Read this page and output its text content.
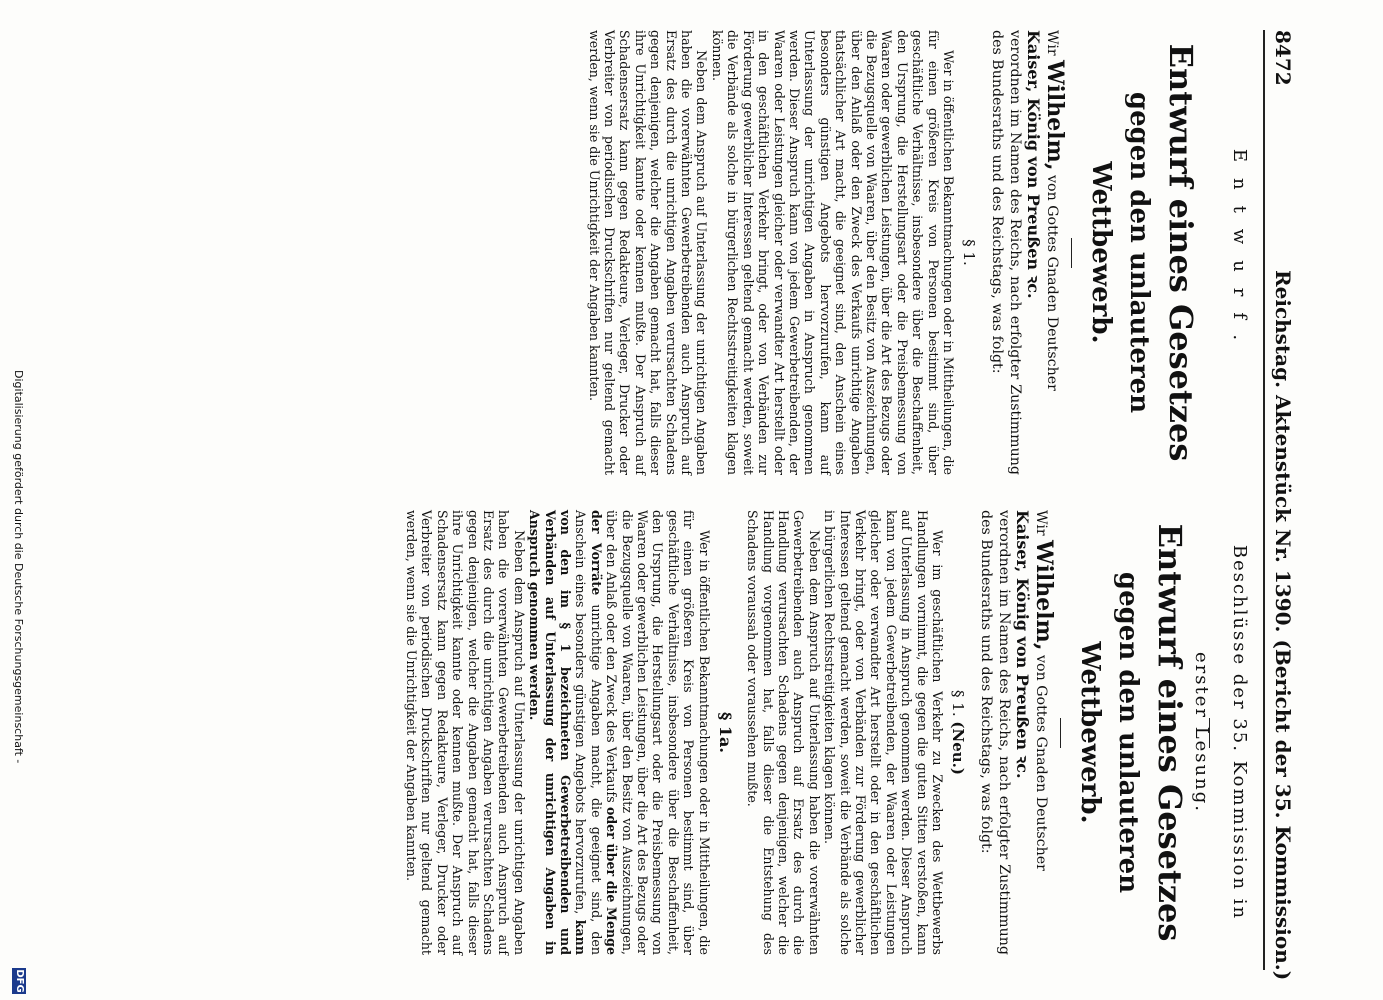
8472
Reichstag. Aktenstück Nr. 1390. (Bericht der 35. Kommission.)
Entwurf.
Entwurf eines Gesetzes
gegen den unlauteren Wettbewerb.
Wir Wilhelm, von Gottes Gnaden Deutscher
Kaiser, König von Preußen ꝛc.
verordnen im Namen des Reichs, nach erfolgter Zustimmung des Bundesraths und des Reichstags, was folgt:
§ 1.

Wer in öffentlichen Bekanntmachungen oder in Mittheilungen, die für einen größeren Kreis von Personen bestimmt sind, über geschäftliche Verhältnisse, insbesondere über die Beschaffenheit, den Ursprung, die Herstellungsart oder die Preisbemessung von Waaren oder gewerblichen Leistungen, über die Art des Bezugs oder die Bezugsquelle von Waaren, über den Besitz von Auszeichnungen, über den Anlaß oder den Zweck des Verkaufs unrichtige Angaben thatsächlicher Art macht, die geeignet sind, den Anschein eines besonders günstigen Angebots hervorzurufen, kann auf Unterlassung der unrichtigen Angaben in Anspruch genommen werden. Dieser Anspruch kann von jedem Gewerbetreibenden, der Waaren oder Leistungen gleicher oder verwandter Art herstellt oder in den geschäftlichen Verkehr bringt, oder von Verbänden zur Förderung gewerblicher Interessen geltend gemacht werden, soweit die Verbände als solche in bürgerlichen Rechtsstreitigkeiten klagen können.

Neben dem Anspruch auf Unterlassung der unrichtigen Angaben haben die vorerwähnten Gewerbetreibenden auch Anspruch auf Ersatz des durch die unrichtigen Angaben verursachten Schadens gegen denjenigen, welcher die Angaben gemacht hat, falls dieser ihre Unrichtigkeit kannte oder kennen mußte. Der Anspruch auf Schadensersatz kann gegen Redakteure, Verleger, Drucker oder Verbreiter von periodischen Druckschriften nur geltend gemacht werden, wenn sie die Unrichtigkeit der Angaben kannten.

Beschlüsse der 35. Kommission in erster Lesung.
Entwurf eines Gesetzes
gegen den unlauteren Wettbewerb.
Wir Wilhelm, von Gottes Gnaden Deutscher
Kaiser, König von Preußen ꝛc.
verordnen im Namen des Reichs, nach erfolgter Zustimmung des Bundesraths und des Reichstags, was folgt:
§ 1. (Neu.)

Wer im geschäftlichen Verkehr zu Zwecken des Wettbewerbs Handlungen vornimmt, die gegen die guten Sitten verstoßen, kann auf Unterlassung in Anspruch genommen werden. Dieser Anspruch kann von jedem Gewerbetreibenden, der Waaren oder Leistungen gleicher oder verwandter Art herstellt oder in den geschäftlichen Verkehr bringt, oder von Verbänden zur Förderung gewerblicher Interessen geltend gemacht werden, soweit die Verbände als solche in bürgerlichen Rechtsstreitigkeiten klagen können.

Neben dem Anspruch auf Unterlassung haben die vorerwähnten Gewerbetreibenden auch Anspruch auf Ersatz des durch die Handlung verursachten Schadens gegen denjenigen, welcher die Handlung vorgenommen hat, falls dieser die Entstehung des Schadens voraussah oder voraussehen mußte.

§ 1a.

Wer in öffentlichen Bekanntmachungen oder in Mittheilungen, die für einen größeren Kreis von Personen bestimmt sind, über geschäftliche Verhältnisse, insbesondere über die Beschaffenheit, den Ursprung, die Herstellungsart oder die Preisbemessung von Waaren oder gewerblichen Leistungen, über die Art des Bezugs oder die Bezugsquelle von Waaren, über den Besitz von Auszeichnungen, über den Anlaß oder den Zweck des Verkaufs oder über die Menge der Vorräte unrichtige Angaben macht, die geeignet sind, den Anschein eines besonders günstigen Angebots hervorzurufen, kann von den im § 1 bezeichneten Gewerbetreibenden und Verbänden auf Unterlassung der unrichtigen Angaben in Anspruch genommen werden.

Neben dem Anspruch auf Unterlassung der unrichtigen Angaben haben die vorerwähnten Gewerbetreibenden auch Anspruch auf Ersatz des durch die unrichtigen Angaben verursachten Schadens gegen denjenigen, welcher die Angaben gemacht hat, falls dieser ihre Unrichtigkeit kannte oder kennen mußte. Der Anspruch auf Schadensersatz kann gegen Redakteure, Verleger, Drucker oder Verbreiter von periodischen Druckschriften nur geltend gemacht werden, wenn sie die Unrichtigkeit der Angaben kannten.

Digitalisierung gefördert durch die Deutsche Forschungsgemeinschaft -
DFG
